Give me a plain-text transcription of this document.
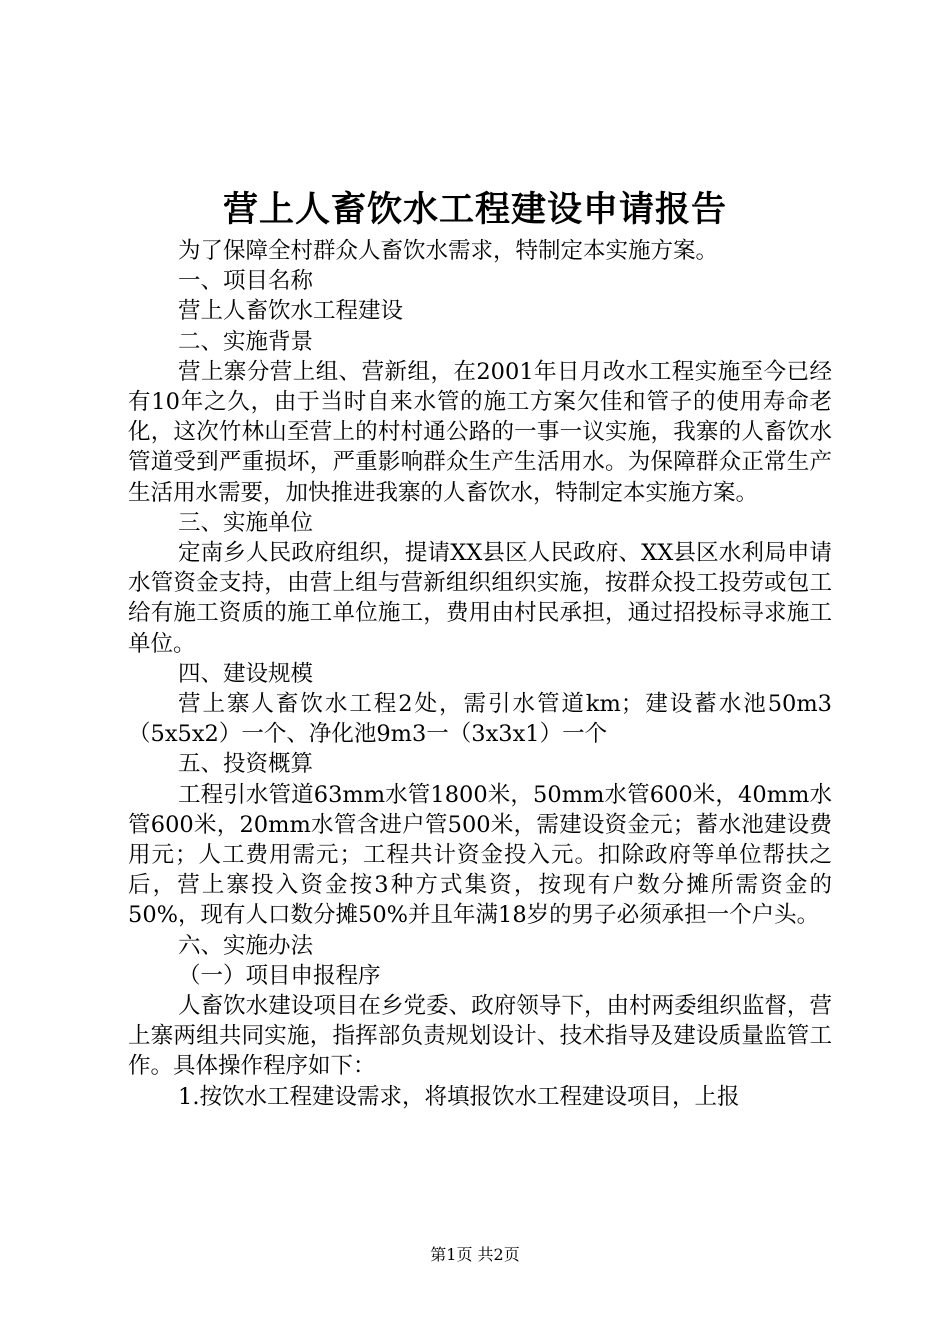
营上人畜饮水工程建设申请报告

为了保障全村群众人畜饮水需求，特制定本实施方案。

一、项目名称

营上人畜饮水工程建设

二、实施背景

营上寨分营上组、营新组，在2001年日月改水工程实施至今已经有10年之久，由于当时自来水管的施工方案欠佳和管子的使用寿命老化，这次竹林山至营上的村村通公路的一事一议实施，我寨的人畜饮水管道受到严重损坏，严重影响群众生产生活用水。为保障群众正常生产生活用水需要，加快推进我寨的人畜饮水，特制定本实施方案。

三、实施单位

定南乡人民政府组织，提请XX县区人民政府、XX县区水利局申请水管资金支持，由营上组与营新组织组织实施，按群众投工投劳或包工给有施工资质的施工单位施工，费用由村民承担，通过招投标寻求施工单位。

四、建设规模

营上寨人畜饮水工程2处，需引水管道km；建设蓄水池50m3（5x5x2）一个、净化池9m3一（3x3x1）一个

五、投资概算

工程引水管道63mm水管1800米，50mm水管600米，40mm水管600米，20mm水管含进户管500米，需建设资金元；蓄水池建设费用元；人工费用需元；工程共计资金投入元。扣除政府等单位帮扶之后，营上寨投入资金按3种方式集资，按现有户数分摊所需资金的50%，现有人口数分摊50%并且年满18岁的男子必须承担一个户头。

六、实施办法

（一）项目申报程序

人畜饮水建设项目在乡党委、政府领导下，由村两委组织监督，营上寨两组共同实施，指挥部负责规划设计、技术指导及建设质量监管工作。具体操作程序如下：

1.按饮水工程建设需求，将填报饮水工程建设项目，上报

第1页 共2页
